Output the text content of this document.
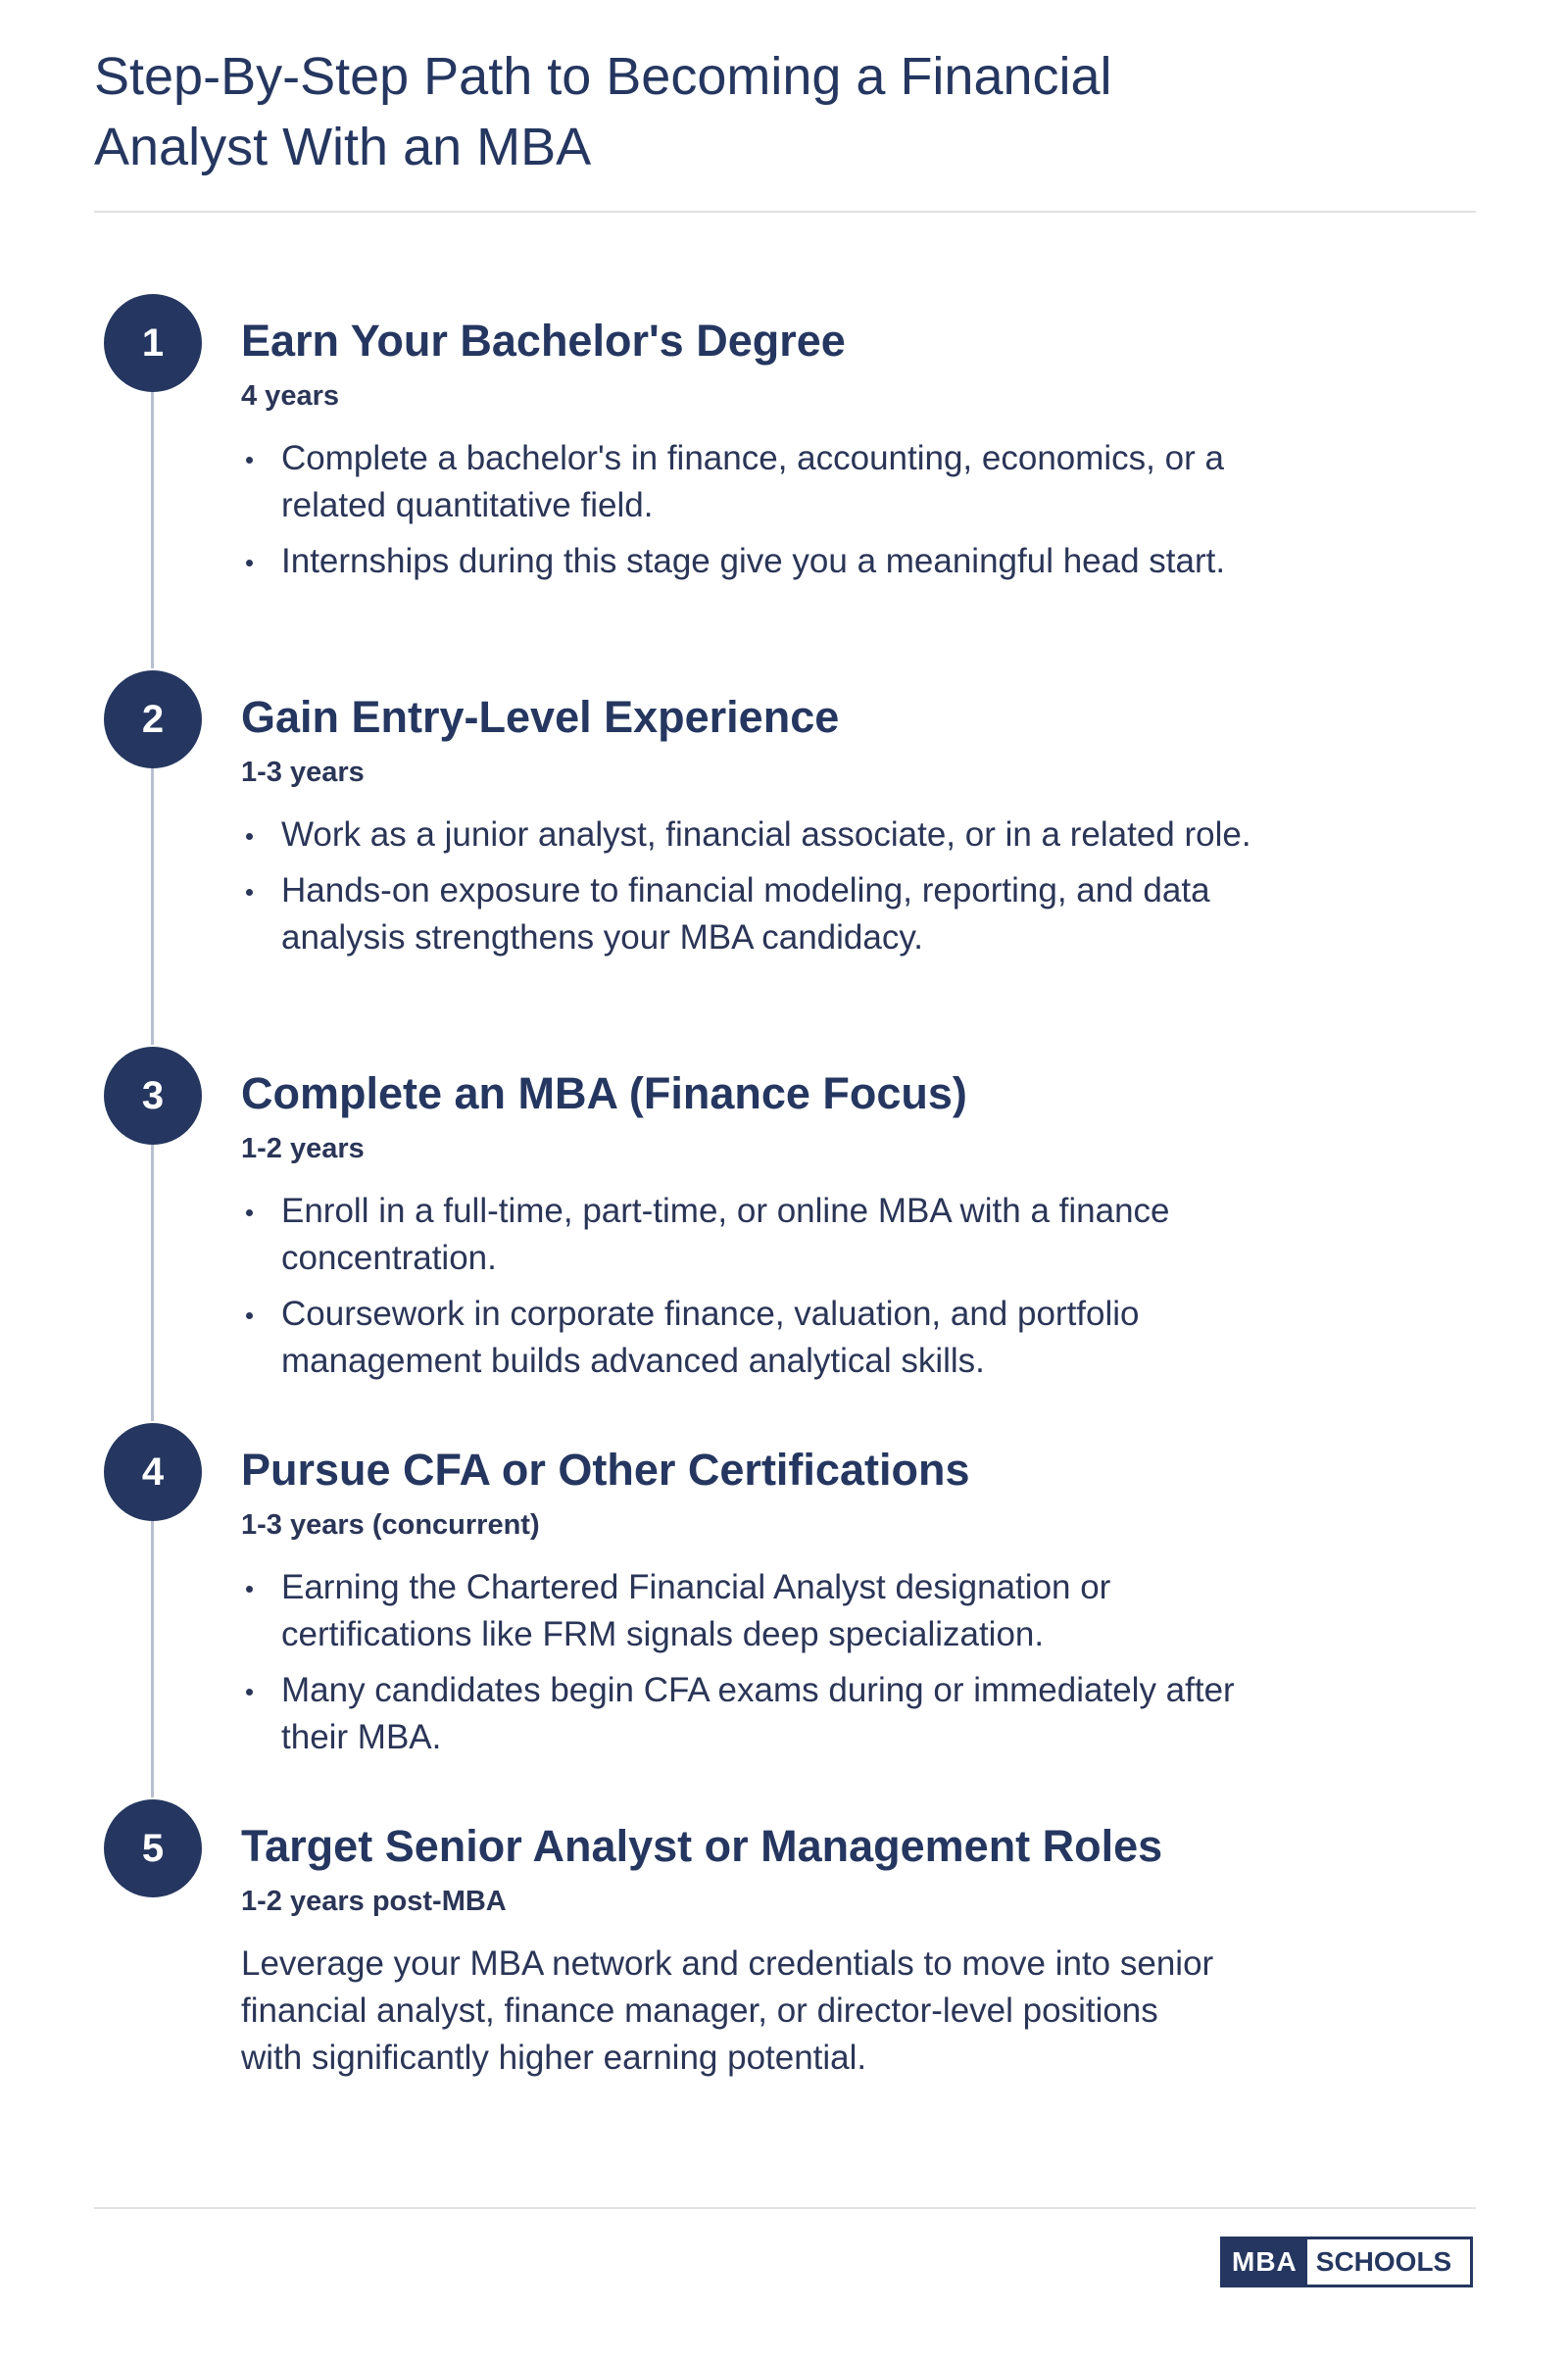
Step-By-Step Path to Becoming a Financial Analyst With an MBA
1	Earn Your Bachelor's Degree
4 years
Complete a bachelor's in finance, accounting, economics, or a related quantitative field.
Internships during this stage give you a meaningful head start.
2	Gain Entry-Level Experience
1-3 years
Work as a junior analyst, financial associate, or in a related role.
Hands-on exposure to financial modeling, reporting, and data analysis strengthens your MBA candidacy.
3	Complete an MBA (Finance Focus)
1-2 years
Enroll in a full-time, part-time, or online MBA with a finance concentration.
Coursework in corporate finance, valuation, and portfolio management builds advanced analytical skills.
4	Pursue CFA or Other Certifications
1-3 years (concurrent)
Earning the Chartered Financial Analyst designation or certifications like FRM signals deep specialization.
Many candidates begin CFA exams during or immediately after their MBA.
5	Target Senior Analyst or Management Roles
1-2 years post-MBA

Leverage your MBA network and credentials to move into senior financial analyst, finance manager, or director-level positions with significantly higher earning potential.

MBA SCHOOLS
